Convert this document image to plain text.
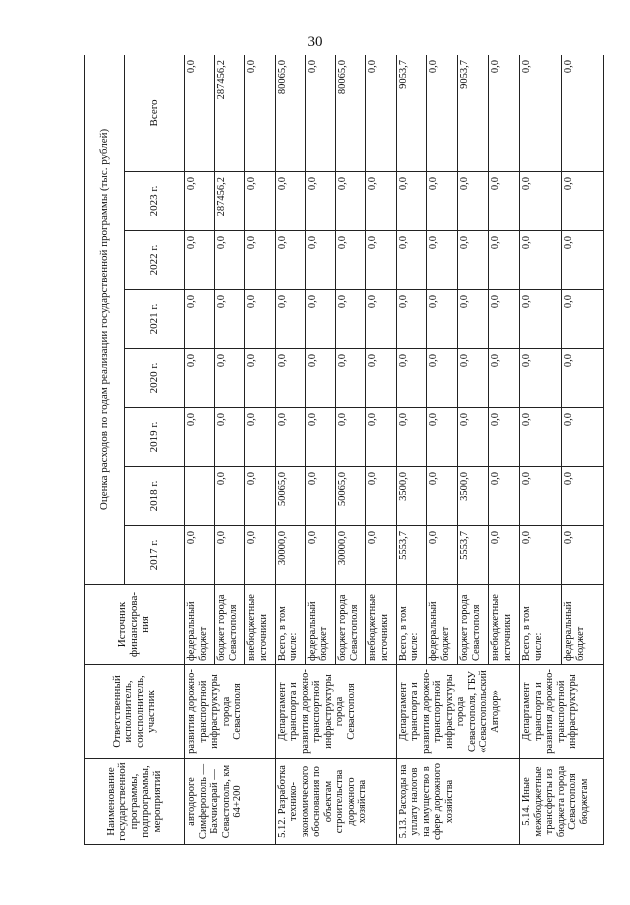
30
Наименование государственной программы, подпрограммы, мероприятий	Ответственный исполнитель, соисполнитель, участник	Источник финансирова-ния	Оценка расходов по годам реализации государственной программы (тыс. рублей)							
			2017 г.	2018 г.	2019 г.	2020 г.	2021 г.	2022 г.	2023 г.	Всего
автодороге Симферополь — Бахчисарай — Севастополь, км 64+200	развития дорожно-транспортной инфраструктуры города Севастополя	федеральный бюджет	0,0		0,0	0,0	0,0	0,0	0,0	0,0
		бюджет города Севастополя	0,0	0,0	0,0	0,0	0,0	0,0	287456,2	287456,2
		внебюджетные источники	0,0	0,0	0,0	0,0	0,0	0,0	0,0	0,0
5.12. Разработка технико-экономического обоснования по объектам строительства дорожного хозяйства	Департамент транспорта и развития дорожно-транспортной инфраструктуры города Севастополя	Всего, в том числе:	30000,0	50065,0	0,0	0,0	0,0	0,0	0,0	80065,0
		федеральный бюджет	0,0	0,0	0,0	0,0	0,0	0,0	0,0	0,0
		бюджет города Севастополя	30000,0	50065,0	0,0	0,0	0,0	0,0	0,0	80065,0
		внебюджетные источники	0,0	0,0	0,0	0,0	0,0	0,0	0,0	0,0
5.13. Расходы на уплату налогов на имущество в сфере дорожного хозяйства	Департамент транспорта и развития дорожно-транспортной инфраструктуры города Севастополя, ГБУ «Севастопольский Автодор»	Всего, в том числе:	5553,7	3500,0	0,0	0,0	0,0	0,0	0,0	9053,7
		федеральный бюджет	0,0	0,0	0,0	0,0	0,0	0,0	0,0	0,0
		бюджет города Севастополя	5553,7	3500,0	0,0	0,0	0,0	0,0	0,0	9053,7
		внебюджетные источники	0,0	0,0	0,0	0,0	0,0	0,0	0,0	0,0
5.14. Иные межбюджетные трансферты из бюджета города Севастополя бюджетам	Департамент транспорта и развития дорожно-транспортной инфраструктуры	Всего, в том числе:	0,0	0,0	0,0	0,0	0,0	0,0	0,0	0,0
		федеральный бюджет	0,0	0,0	0,0	0,0	0,0	0,0	0,0	0,0
